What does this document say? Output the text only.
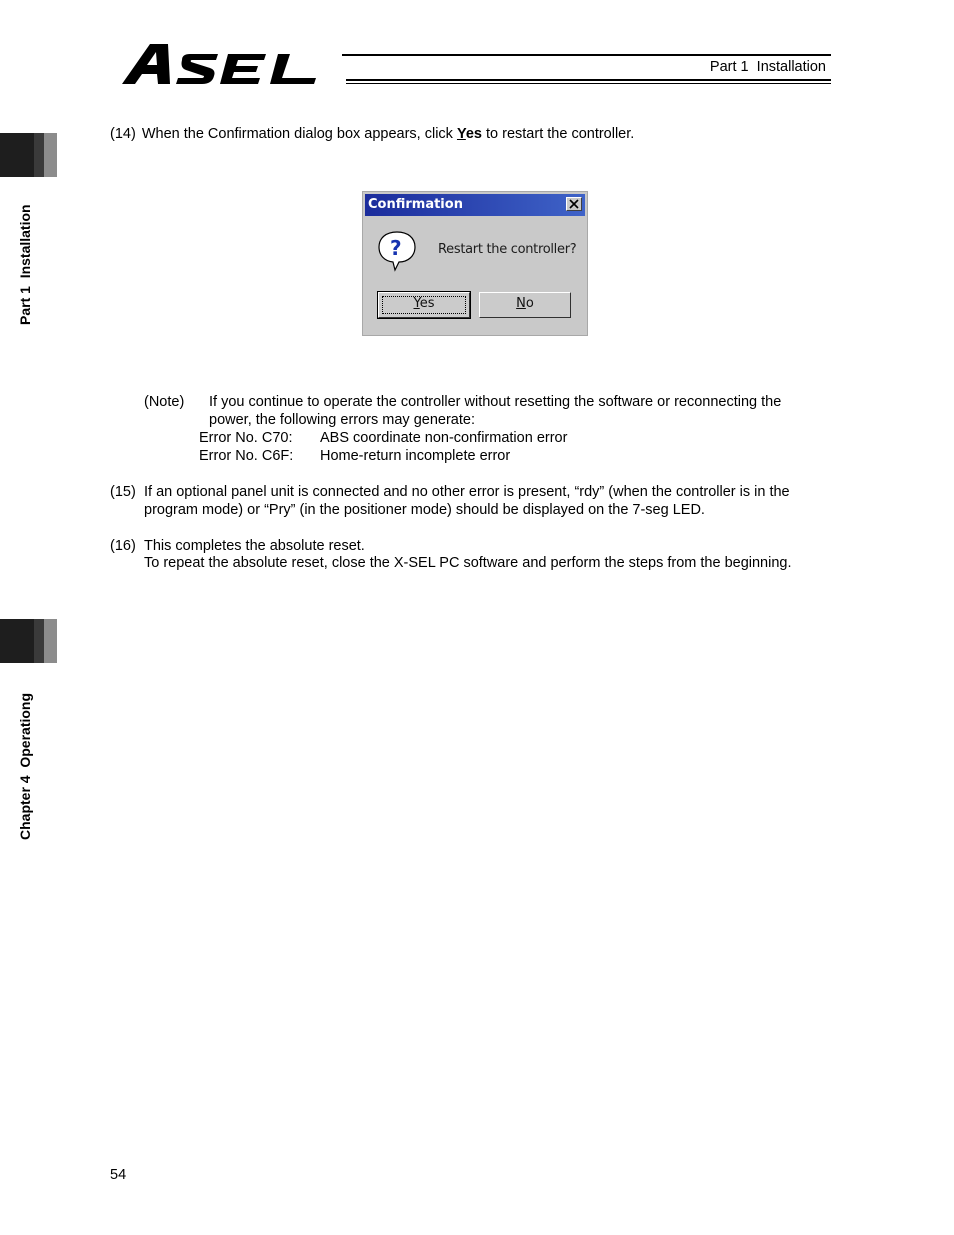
Part 1  Installation
Part 1  Installation
Chapter 4  Operationg
(14) When the Confirmation dialog box appears, click Yes to restart the controller.
Confirmation
?	Restart the controller?
Yes	No
(Note) If you continue to operate the controller without resetting the software or reconnecting the
power, the following errors may generate:
Error No. C70: ABS coordinate non-confirmation error
Error No. C6F: Home-return incomplete error
(15) If an optional panel unit is connected and no other error is present, “rdy” (when the controller is in the
program mode) or “Pry” (in the positioner mode) should be displayed on the 7-seg LED.
(16) This completes the absolute reset.
To repeat the absolute reset, close the X-SEL PC software and perform the steps from the beginning.
54
